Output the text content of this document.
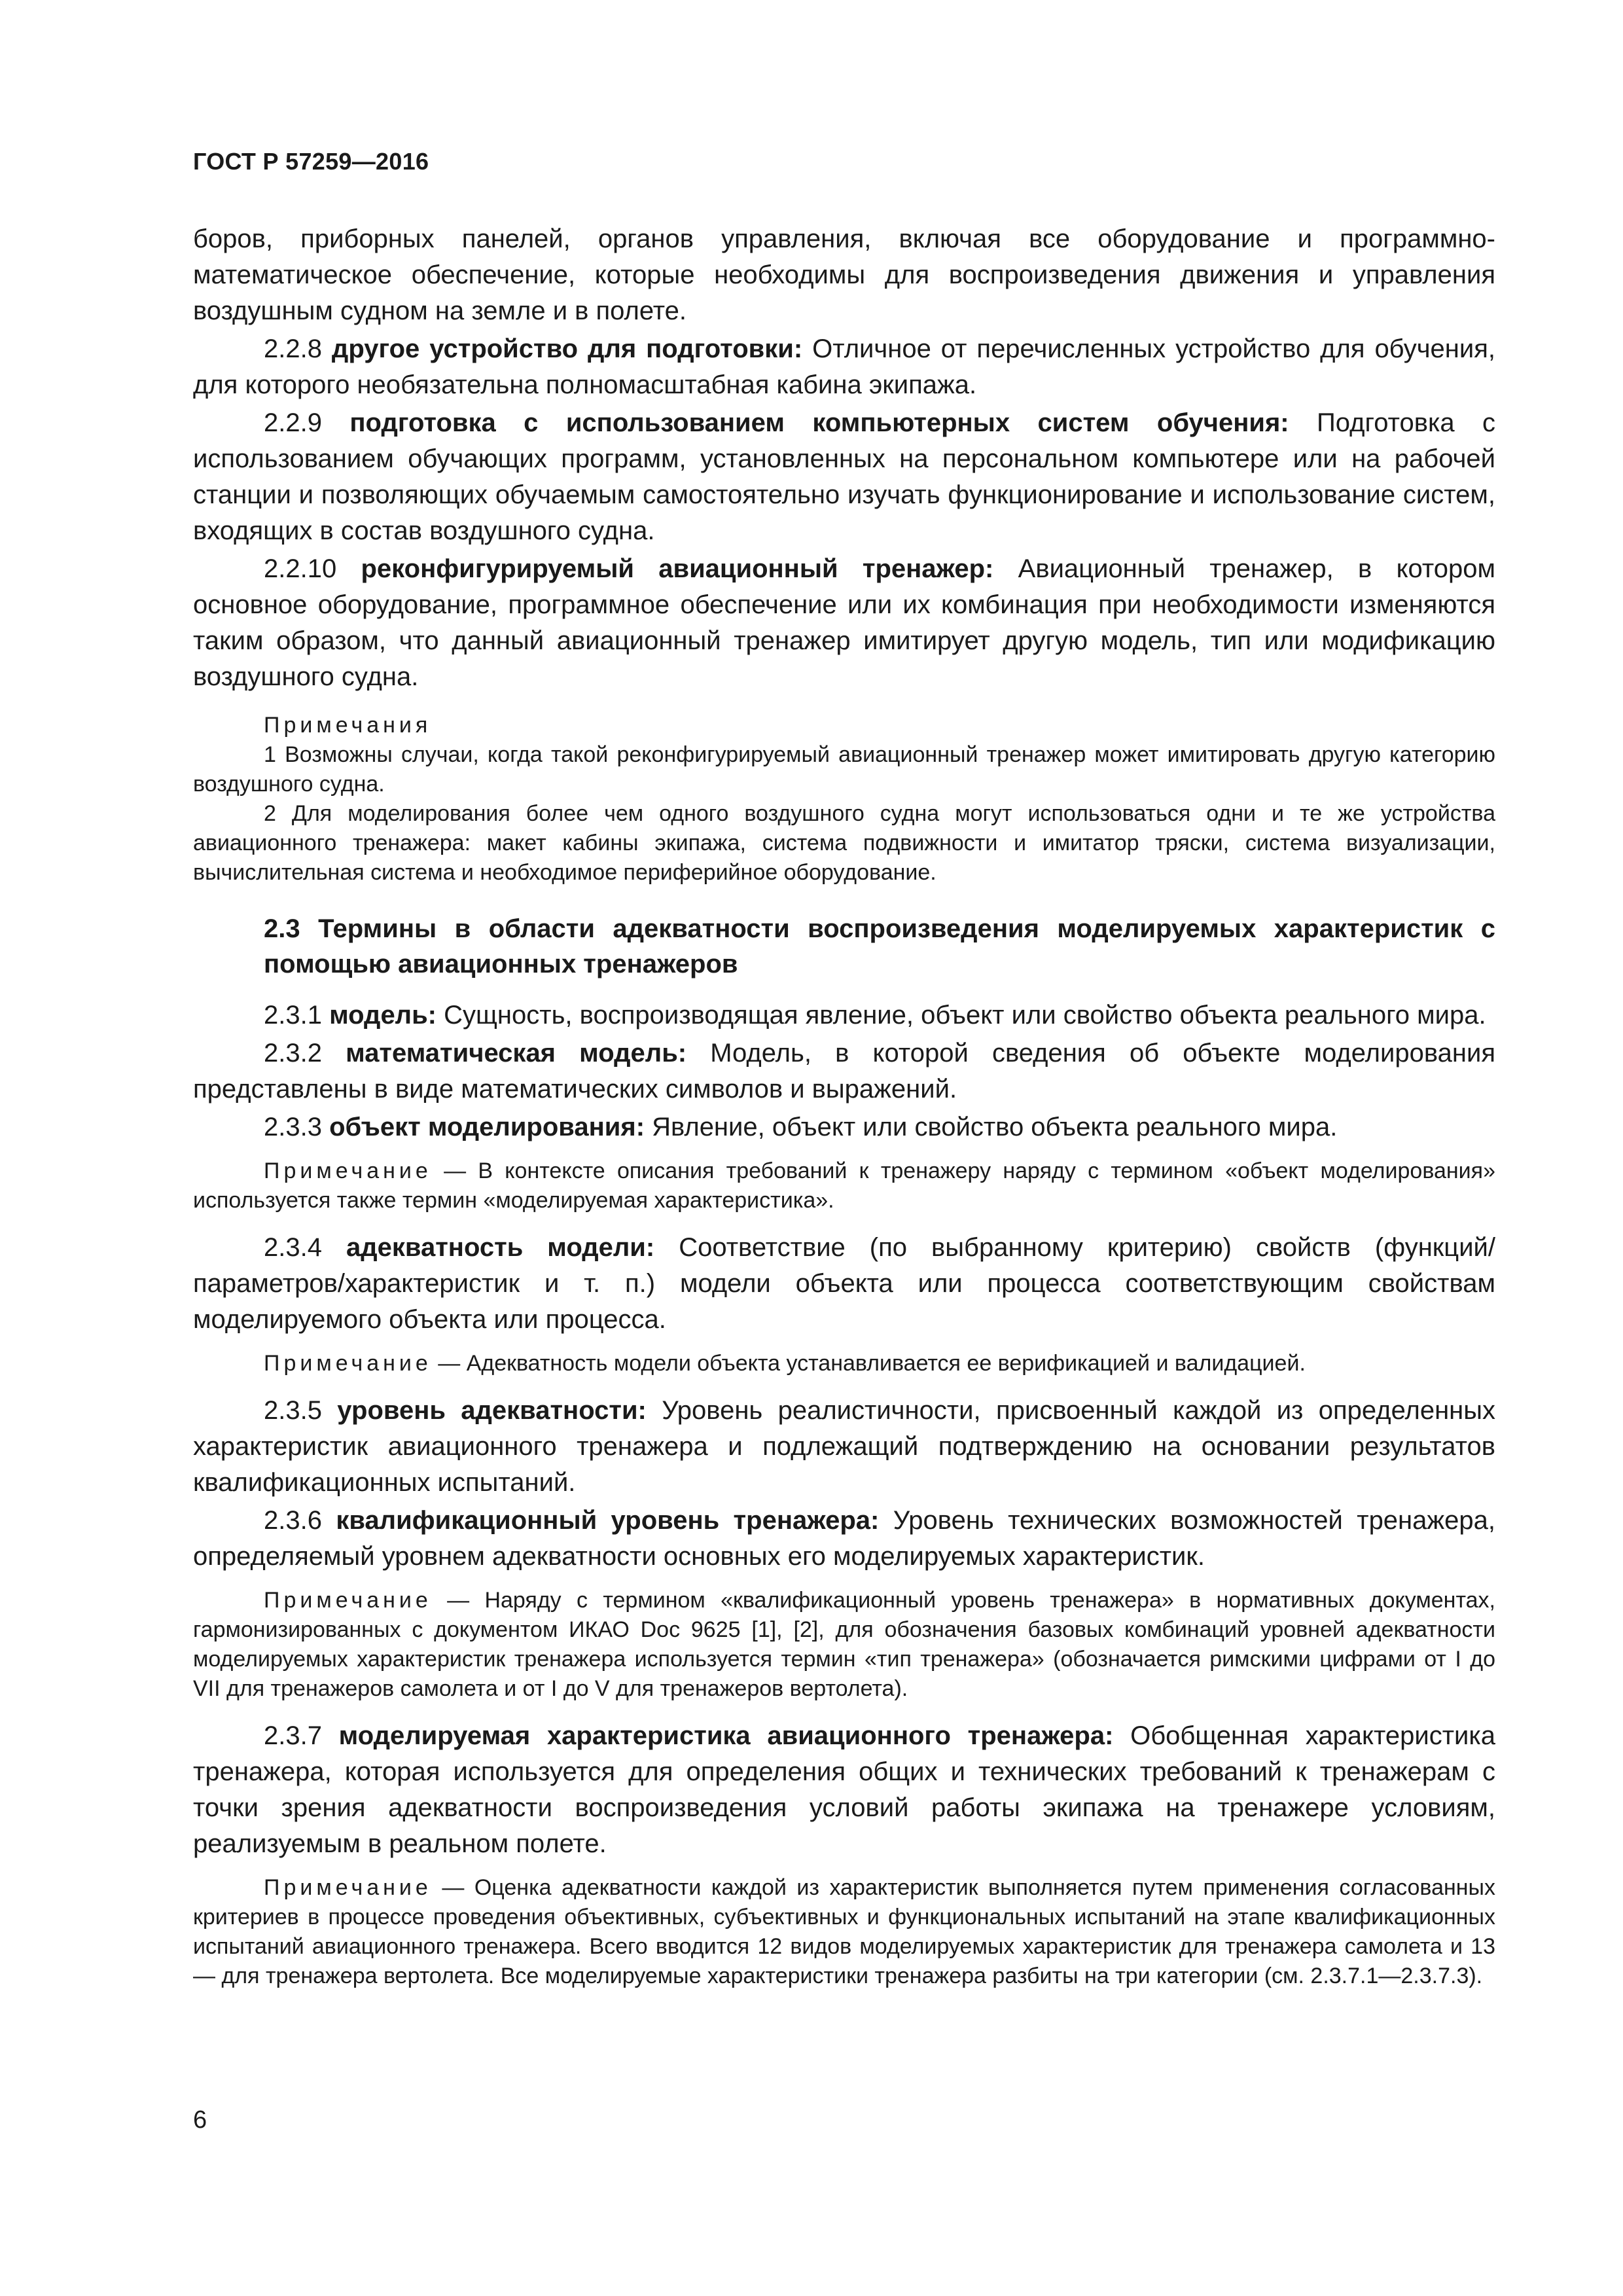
ГОСТ Р 57259—2016

боров, приборных панелей, органов управления, включая все оборудование и программно-математическое обеспечение, которые необходимы для воспроизведения движения и управления воздушным судном на земле и в полете.

2.2.8 другое устройство для подготовки: Отличное от перечисленных устройство для обучения, для которого необязательна полномасштабная кабина экипажа.

2.2.9 подготовка с использованием компьютерных систем обучения: Подготовка с использованием обучающих программ, установленных на персональном компьютере или на рабочей станции и позволяющих обучаемым самостоятельно изучать функционирование и использование систем, входящих в состав воздушного судна.

2.2.10 реконфигурируемый авиационный тренажер: Авиационный тренажер, в котором основное оборудование, программное обеспечение или их комбинация при необходимости изменяются таким образом, что данный авиационный тренажер имитирует другую модель, тип или модификацию воздушного судна.

Примечания

1 Возможны случаи, когда такой реконфигурируемый авиационный тренажер может имитировать другую категорию воздушного судна.

2 Для моделирования более чем одного воздушного судна могут использоваться одни и те же устройства авиационного тренажера: макет кабины экипажа, система подвижности и имитатор тряски, система визуализации, вычислительная система и необходимое периферийное оборудование.

2.3 Термины в области адекватности воспроизведения моделируемых характеристик с помощью авиационных тренажеров

2.3.1 модель: Сущность, воспроизводящая явление, объект или свойство объекта реального мира.

2.3.2 математическая модель: Модель, в которой сведения об объекте моделирования представлены в виде математических символов и выражений.

2.3.3 объект моделирования: Явление, объект или свойство объекта реального мира.

Примечание — В контексте описания требований к тренажеру наряду с термином «объект моделирования» используется также термин «моделируемая характеристика».

2.3.4 адекватность модели: Соответствие (по выбранному критерию) свойств (функций/параметров/характеристик и т. п.) модели объекта или процесса соответствующим свойствам моделируемого объекта или процесса.

Примечание — Адекватность модели объекта устанавливается ее верификацией и валидацией.

2.3.5 уровень адекватности: Уровень реалистичности, присвоенный каждой из определенных характеристик авиационного тренажера и подлежащий подтверждению на основании результатов квалификационных испытаний.

2.3.6 квалификационный уровень тренажера: Уровень технических возможностей тренажера, определяемый уровнем адекватности основных его моделируемых характеристик.

Примечание — Наряду с термином «квалификационный уровень тренажера» в нормативных документах, гармонизированных с документом ИКАО Doc 9625 [1], [2], для обозначения базовых комбинаций уровней адекватности моделируемых характеристик тренажера используется термин «тип тренажера» (обозначается римскими цифрами от I до VII для тренажеров самолета и от I до V для тренажеров вертолета).

2.3.7 моделируемая характеристика авиационного тренажера: Обобщенная характеристика тренажера, которая используется для определения общих и технических требований к тренажерам с точки зрения адекватности воспроизведения условий работы экипажа на тренажере условиям, реализуемым в реальном полете.

Примечание — Оценка адекватности каждой из характеристик выполняется путем применения согласованных критериев в процессе проведения объективных, субъективных и функциональных испытаний на этапе квалификационных испытаний авиационного тренажера. Всего вводится 12 видов моделируемых характеристик для тренажера самолета и 13 — для тренажера вертолета. Все моделируемые характеристики тренажера разбиты на три категории (см. 2.3.7.1—2.3.7.3).

6
